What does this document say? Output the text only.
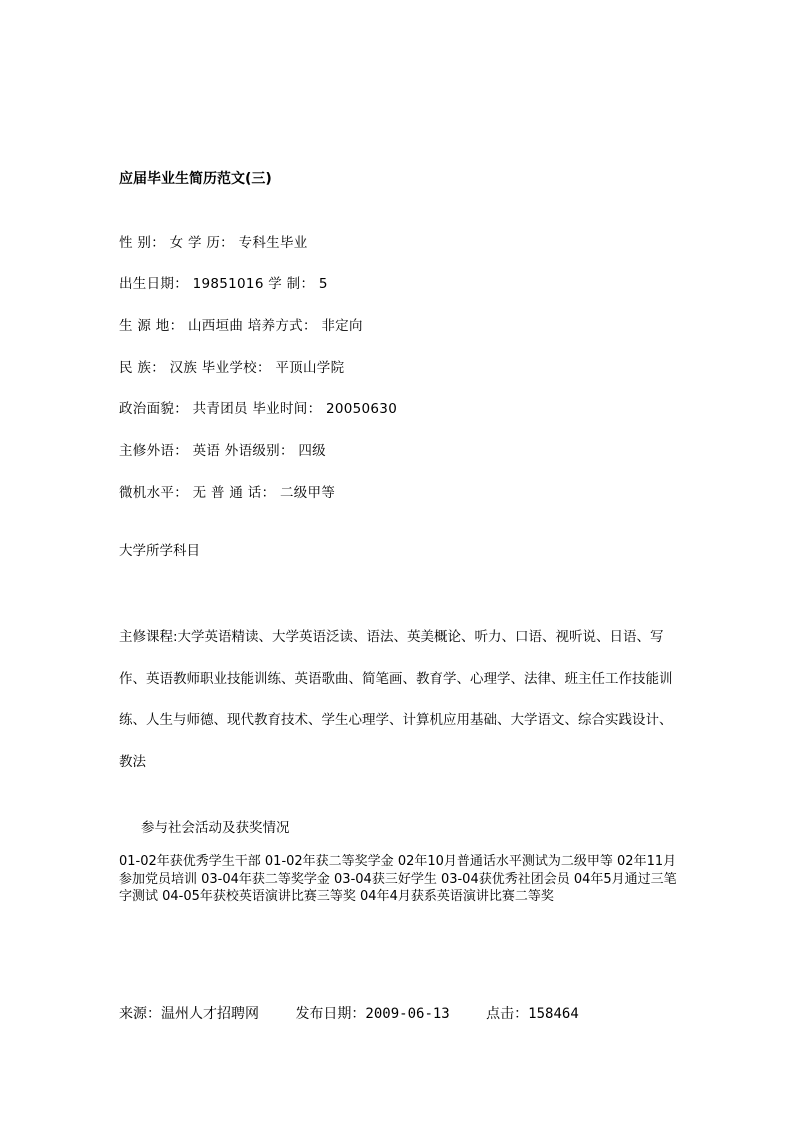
应届毕业生简历范文(三)
性 别： 女 学 历： 专科生毕业
出生日期： 19851016 学 制： 5
生 源 地： 山西垣曲 培养方式： 非定向
民 族： 汉族 毕业学校： 平顶山学院
政治面貌： 共青团员 毕业时间： 20050630
主修外语： 英语 外语级别： 四级
微机水平： 无 普 通 话： 二级甲等
大学所学科目

主修课程:大学英语精读、大学英语泛读、语法、英美概论、听力、口语、视听说、日语、写作、英语教师职业技能训练、英语歌曲、简笔画、教育学、心理学、法律、班主任工作技能训练、人生与师德、现代教育技术、学生心理学、计算机应用基础、大学语文、综合实践设计、教法

参与社会活动及获奖情况

01-02年获优秀学生干部 01-02年获二等奖学金 02年10月普通话水平测试为二级甲等 02年11月参加党员培训 03-04年获二等奖学金 03-04获三好学生 03-04获优秀社团会员 04年5月通过三笔字测试 04-05年获校英语演讲比赛三等奖 04年4月获系英语演讲比赛二等奖

来源：温州人才招聘网	发布日期：2009-06-13	点击：158464
